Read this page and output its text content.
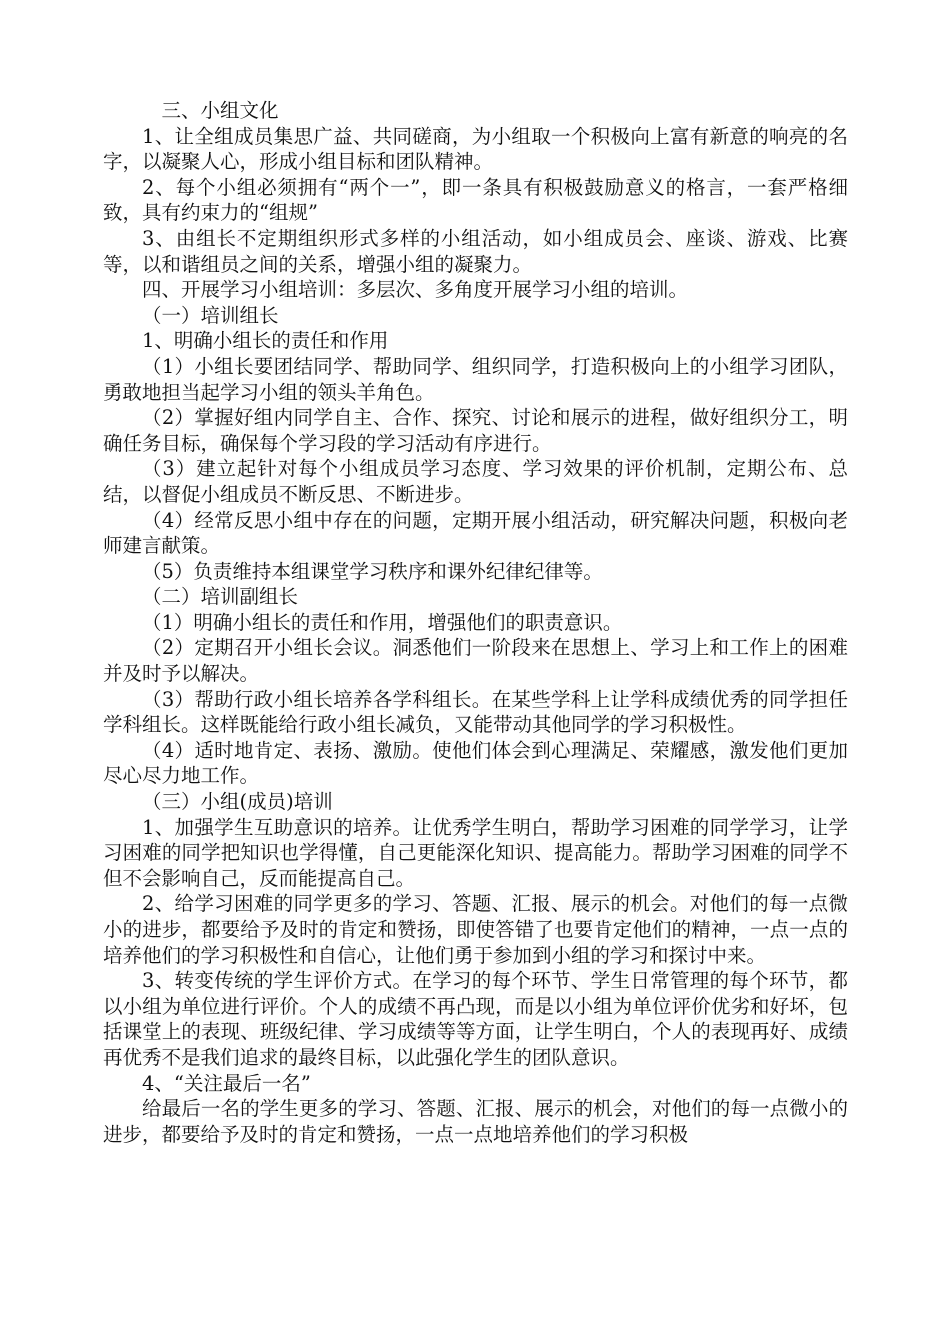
三、小组文化

1、让全组成员集思广益、共同磋商，为小组取一个积极向上富有新意的响亮的名字，以凝聚人心，形成小组目标和团队精神。

2、每个小组必须拥有“两个一”，即一条具有积极鼓励意义的格言，一套严格细致，具有约束力的“组规”

3、由组长不定期组织形式多样的小组活动，如小组成员会、座谈、游戏、比赛等，以和谐组员之间的关系，增强小组的凝聚力。

四、开展学习小组培训：多层次、多角度开展学习小组的培训。

（一）培训组长

1、明确小组长的责任和作用

（1）小组长要团结同学、帮助同学、组织同学，打造积极向上的小组学习团队，勇敢地担当起学习小组的领头羊角色。

（2）掌握好组内同学自主、合作、探究、讨论和展示的进程，做好组织分工，明确任务目标，确保每个学习段的学习活动有序进行。

（3）建立起针对每个小组成员学习态度、学习效果的评价机制，定期公布、总结，以督促小组成员不断反思、不断进步。

（4）经常反思小组中存在的问题，定期开展小组活动，研究解决问题，积极向老师建言献策。

（5）负责维持本组课堂学习秩序和课外纪律纪律等。

（二）培训副组长

（1）明确小组长的责任和作用，增强他们的职责意识。

（2）定期召开小组长会议。洞悉他们一阶段来在思想上、学习上和工作上的困难并及时予以解决。

（3）帮助行政小组长培养各学科组长。在某些学科上让学科成绩优秀的同学担任学科组长。这样既能给行政小组长减负，又能带动其他同学的学习积极性。

（4）适时地肯定、表扬、激励。使他们体会到心理满足、荣耀感，激发他们更加尽心尽力地工作。

（三）小组(成员)培训

1、加强学生互助意识的培养。让优秀学生明白，帮助学习困难的同学学习，让学习困难的同学把知识也学得懂，自己更能深化知识、提高能力。帮助学习困难的同学不但不会影响自己，反而能提高自己。

2、给学习困难的同学更多的学习、答题、汇报、展示的机会。对他们的每一点微小的进步，都要给予及时的肯定和赞扬，即使答错了也要肯定他们的精神，一点一点的培养他们的学习积极性和自信心，让他们勇于参加到小组的学习和探讨中来。

3、转变传统的学生评价方式。在学习的每个环节、学生日常管理的每个环节，都以小组为单位进行评价。个人的成绩不再凸现，而是以小组为单位评价优劣和好坏，包括课堂上的表现、班级纪律、学习成绩等等方面，让学生明白，个人的表现再好、成绩再优秀不是我们追求的最终目标，以此强化学生的团队意识。

4、“关注最后一名”

给最后一名的学生更多的学习、答题、汇报、展示的机会，对他们的每一点微小的进步，都要给予及时的肯定和赞扬，一点一点地培养他们的学习积极
